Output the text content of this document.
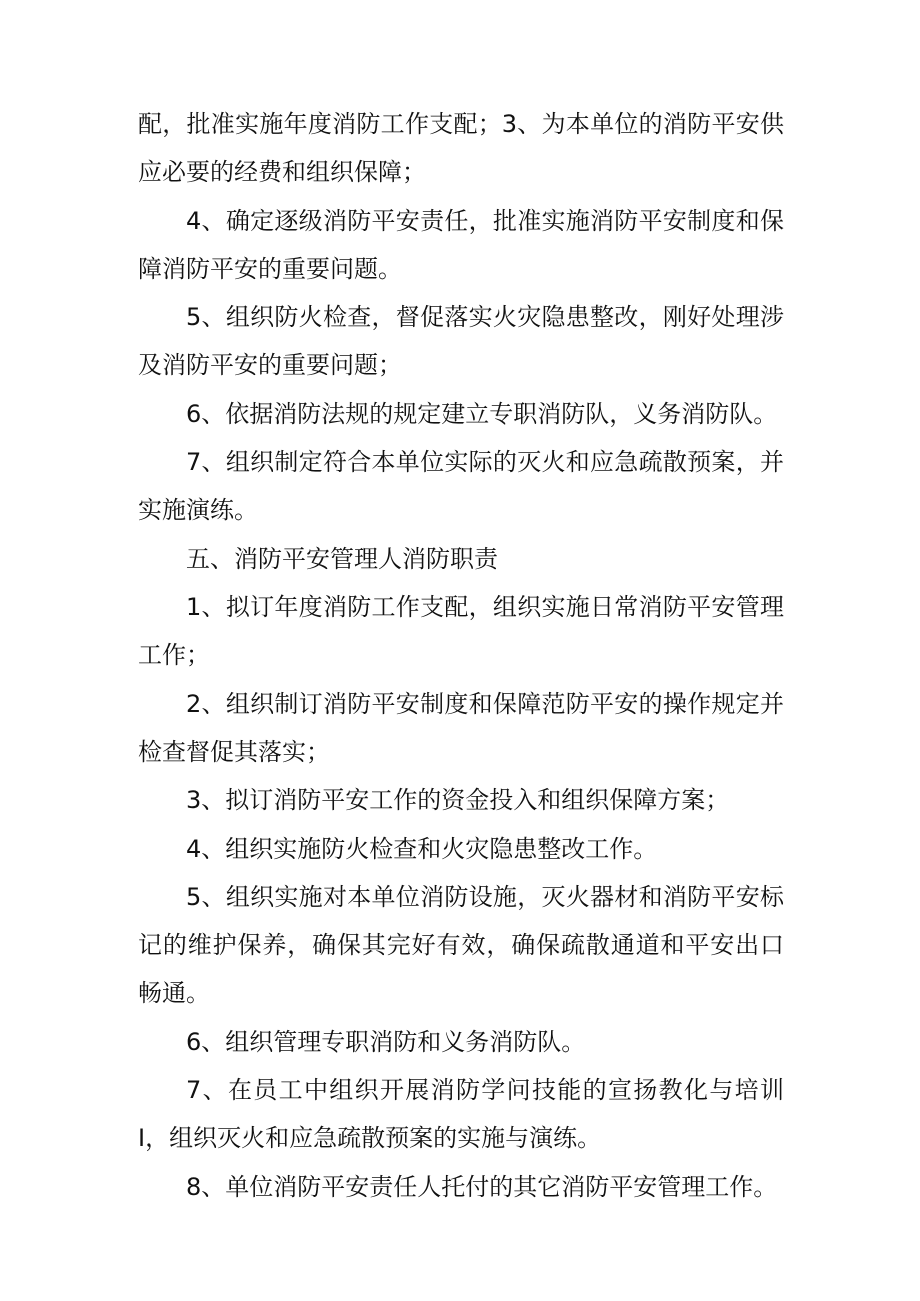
配，批准实施年度消防工作支配；3、为本单位的消防平安供应必要的经费和组织保障；

4、确定逐级消防平安责任，批准实施消防平安制度和保障消防平安的重要问题。

5、组织防火检查，督促落实火灾隐患整改，刚好处理涉及消防平安的重要问题；

6、依据消防法规的规定建立专职消防队，义务消防队。

7、组织制定符合本单位实际的灭火和应急疏散预案，并实施演练。

五、消防平安管理人消防职责

1、拟订年度消防工作支配，组织实施日常消防平安管理工作；

2、组织制订消防平安制度和保障范防平安的操作规定并检查督促其落实；

3、拟订消防平安工作的资金投入和组织保障方案；

4、组织实施防火检查和火灾隐患整改工作。

5、组织实施对本单位消防设施，灭火器材和消防平安标记的维护保养，确保其完好有效，确保疏散通道和平安出口畅通。

6、组织管理专职消防和义务消防队。

7、在员工中组织开展消防学问技能的宣扬教化与培训I，组织灭火和应急疏散预案的实施与演练。

8、单位消防平安责任人托付的其它消防平安管理工作。
